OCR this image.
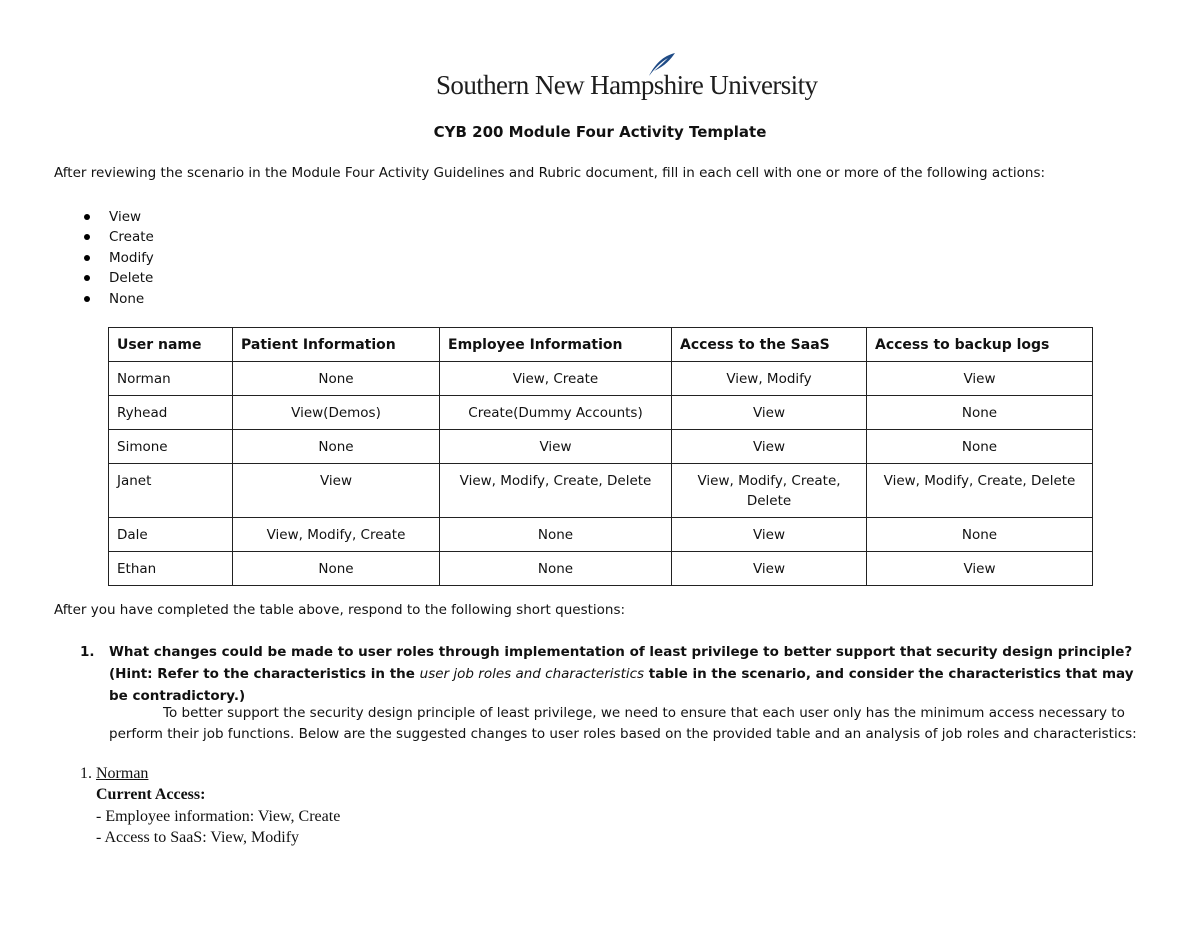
Southern New Hampshire University
CYB 200 Module Four Activity Template
After reviewing the scenario in the Module Four Activity Guidelines and Rubric document, fill in each cell with one or more of the following actions:
View
Create
Modify
Delete
None
User name	Patient Information	Employee Information	Access to the SaaS	Access to backup logs
Norman	None	View, Create	View, Modify	View
Ryhead	View(Demos)	Create(Dummy Accounts)	View	None
Simone	None	View	View	None
Janet	View	View, Modify, Create, Delete	View, Modify, Create, Delete	View, Modify, Create, Delete
Dale	View, Modify, Create	None	View	None
Ethan	None	None	View	View
After you have completed the table above, respond to the following short questions:
1. What changes could be made to user roles through implementation of least privilege to better support that security design principle? (Hint: Refer to the characteristics in the user job roles and characteristics table in the scenario, and consider the characteristics that may be contradictory.)
To better support the security design principle of least privilege, we need to ensure that each user only has the minimum access necessary to perform their job functions. Below are the suggested changes to user roles based on the provided table and an analysis of job roles and characteristics:
1. Norman
Current Access:
- Employee information: View, Create
- Access to SaaS: View, Modify
